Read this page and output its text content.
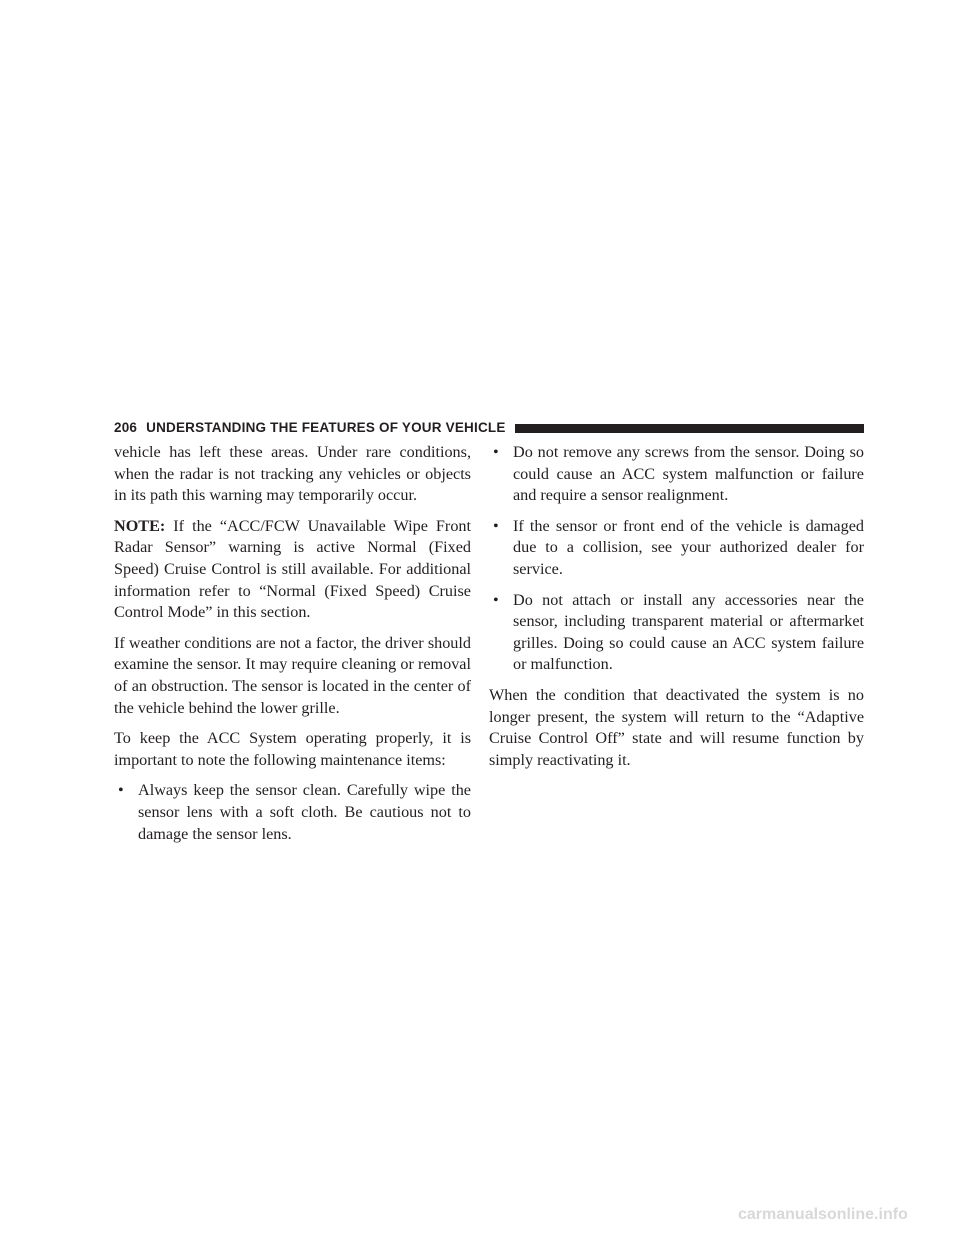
206 UNDERSTANDING THE FEATURES OF YOUR VEHICLE

vehicle has left these areas. Under rare conditions, when the radar is not tracking any vehicles or objects in its path this warning may temporarily occur.

NOTE: If the “ACC/FCW Unavailable Wipe Front Radar Sensor” warning is active Normal (Fixed Speed) Cruise Control is still available. For additional information refer to “Normal (Fixed Speed) Cruise Control Mode” in this section.

If weather conditions are not a factor, the driver should examine the sensor. It may require cleaning or removal of an obstruction. The sensor is located in the center of the vehicle behind the lower grille.

To keep the ACC System operating properly, it is important to note the following maintenance items:

• Always keep the sensor clean. Carefully wipe the sensor lens with a soft cloth. Be cautious not to damage the sensor lens.
• Do not remove any screws from the sensor. Doing so could cause an ACC system malfunction or failure and require a sensor realignment.
• If the sensor or front end of the vehicle is damaged due to a collision, see your authorized dealer for service.
• Do not attach or install any accessories near the sensor, including transparent material or aftermarket grilles. Doing so could cause an ACC system failure or malfunction.

When the condition that deactivated the system is no longer present, the system will return to the “Adaptive Cruise Control Off” state and will resume function by simply reactivating it.

carmanualsonline.info
